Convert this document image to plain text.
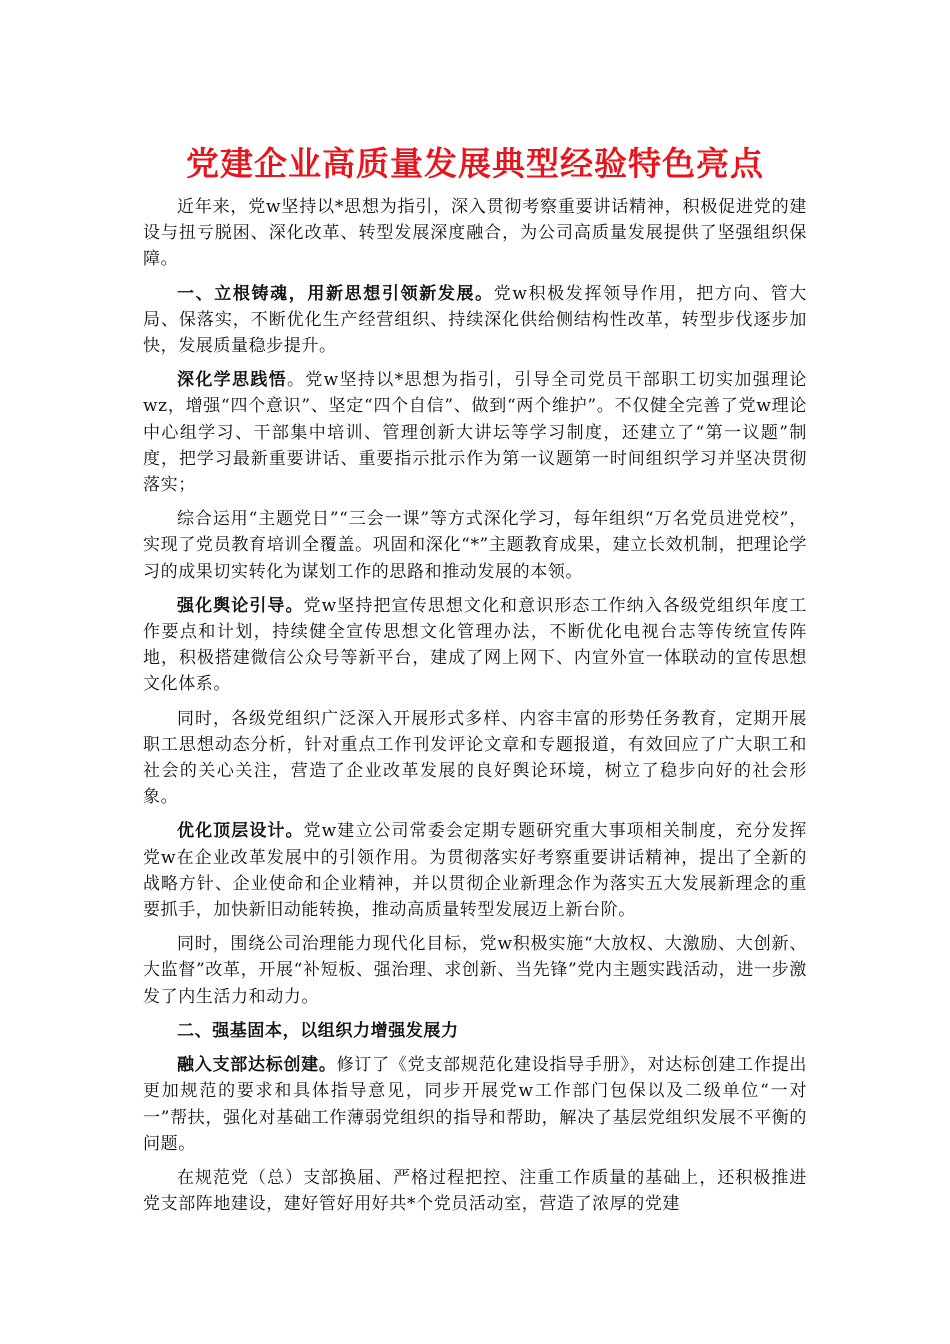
党建企业高质量发展典型经验特色亮点

近年来，党w坚持以*思想为指引，深入贯彻考察重要讲话精神，积极促进党的建设与扭亏脱困、深化改革、转型发展深度融合，为公司高质量发展提供了坚强组织保障。

一、立根铸魂，用新思想引领新发展。党w积极发挥领导作用，把方向、管大局、保落实，不断优化生产经营组织、持续深化供给侧结构性改革，转型步伐逐步加快，发展质量稳步提升。

深化学思践悟。党w坚持以*思想为指引，引导全司党员干部职工切实加强理论wz，增强“四个意识”、坚定“四个自信”、做到“两个维护”。不仅健全完善了党w理论中心组学习、干部集中培训、管理创新大讲坛等学习制度，还建立了“第一议题”制度，把学习最新重要讲话、重要指示批示作为第一议题第一时间组织学习并坚决贯彻落实；

综合运用“主题党日”“三会一课”等方式深化学习，每年组织“万名党员进党校”，实现了党员教育培训全覆盖。巩固和深化“*”主题教育成果，建立长效机制，把理论学习的成果切实转化为谋划工作的思路和推动发展的本领。

强化舆论引导。党w坚持把宣传思想文化和意识形态工作纳入各级党组织年度工作要点和计划，持续健全宣传思想文化管理办法，不断优化电视台志等传统宣传阵地，积极搭建微信公众号等新平台，建成了网上网下、内宣外宣一体联动的宣传思想文化体系。

同时，各级党组织广泛深入开展形式多样、内容丰富的形势任务教育，定期开展职工思想动态分析，针对重点工作刊发评论文章和专题报道，有效回应了广大职工和社会的关心关注，营造了企业改革发展的良好舆论环境，树立了稳步向好的社会形象。

优化顶层设计。党w建立公司常委会定期专题研究重大事项相关制度，充分发挥党w在企业改革发展中的引领作用。为贯彻落实好考察重要讲话精神，提出了全新的战略方针、企业使命和企业精神，并以贯彻企业新理念作为落实五大发展新理念的重要抓手，加快新旧动能转换，推动高质量转型发展迈上新台阶。

同时，围绕公司治理能力现代化目标，党w积极实施“大放权、大激励、大创新、大监督”改革，开展“补短板、强治理、求创新、当先锋”党内主题实践活动，进一步激发了内生活力和动力。

二、强基固本，以组织力增强发展力

融入支部达标创建。修订了《党支部规范化建设指导手册》，对达标创建工作提出更加规范的要求和具体指导意见，同步开展党w工作部门包保以及二级单位“一对一”帮扶，强化对基础工作薄弱党组织的指导和帮助，解决了基层党组织发展不平衡的问题。

在规范党（总）支部换届、严格过程把控、注重工作质量的基础上，还积极推进党支部阵地建设，建好管好用好共*个党员活动室，营造了浓厚的党建
